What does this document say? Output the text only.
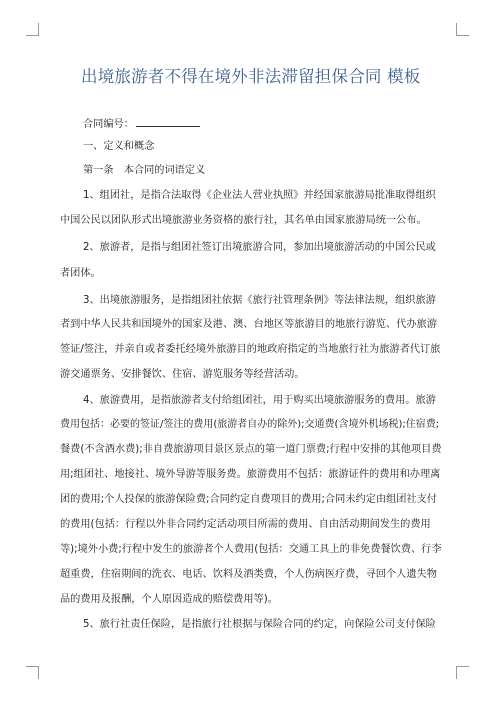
出境旅游者不得在境外非法滞留担保合同 模板
合同编号：
一、定义和概念
第一条　本合同的词语定义
1、组团社，是指合法取得《企业法人营业执照》并经国家旅游局批准取得组织
中国公民以团队形式出境旅游业务资格的旅行社，其名单由国家旅游局统一公布。
2、旅游者，是指与组团社签订出境旅游合同，参加出境旅游活动的中国公民或
者团体。
3、出境旅游服务，是指组团社依据《旅行社管理条例》等法律法规，组织旅游
者到中华人民共和国境外的国家及港、澳、台地区等旅游目的地旅行游览、代办旅游
签证/签注，并亲自或者委托经境外旅游目的地政府指定的当地旅行社为旅游者代订旅
游交通票务、安排餐饮、住宿、游览服务等经营活动。
4、旅游费用，是指旅游者支付给组团社，用于购买出境旅游服务的费用。旅游
费用包括：必要的签证/签注的费用(旅游者自办的除外);交通费(含境外机场税);住宿费;
餐费(不含酒水费);非自费旅游项目景区景点的第一道门票费;行程中安排的其他项目费
用;组团社、地接社、境外导游等服务费。旅游费用不包括：旅游证件的费用和办理离
团的费用;个人投保的旅游保险费;合同约定自费项目的费用;合同未约定由组团社支付
的费用(包括：行程以外非合同约定活动项目所需的费用、自由活动期间发生的费用
等);境外小费;行程中发生的旅游者个人费用(包括：交通工具上的非免费餐饮费、行李
超重费，住宿期间的洗衣、电话、饮料及酒类费，个人伤病医疗费，寻回个人遗失物
品的费用及报酬，个人原因造成的赔偿费用等)。
5、旅行社责任保险，是指旅行社根据与保险合同的约定，向保险公司支付保险
